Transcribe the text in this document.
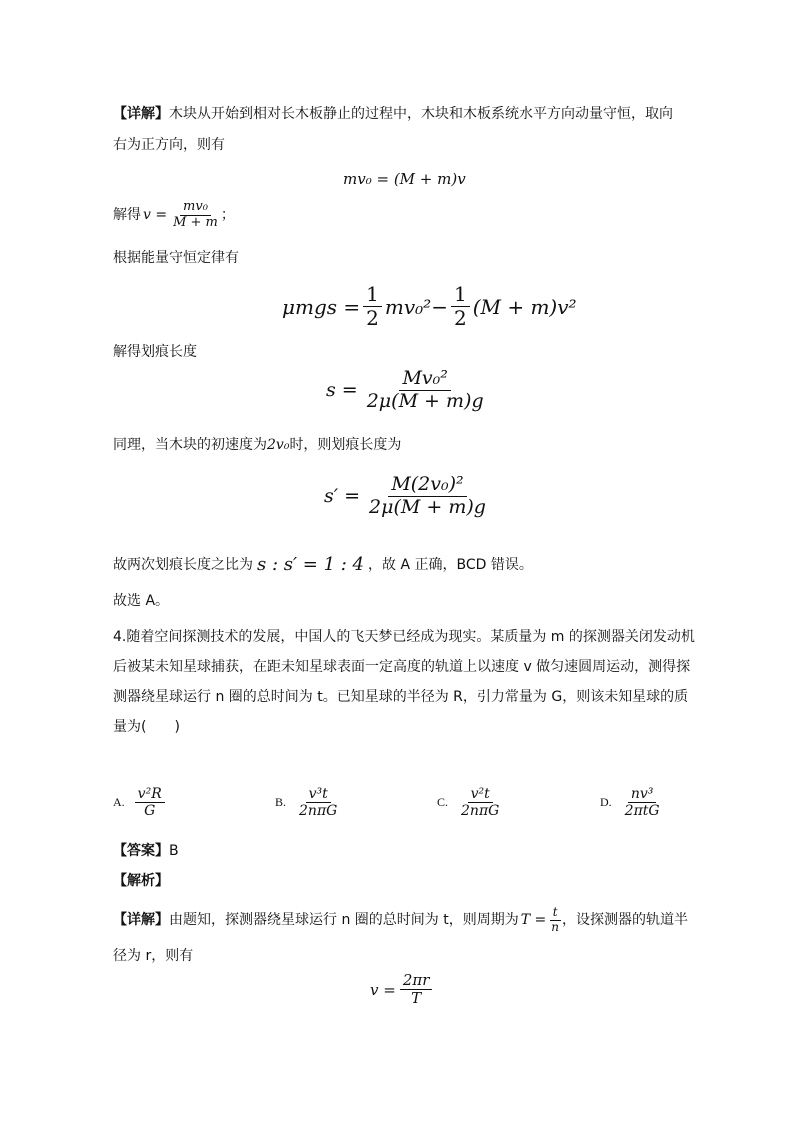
【详解】木块从开始到相对长木板静止的过程中，木块和木板系统水平方向动量守恒，取向
右为正方向，则有
mv₀ = (M + m)v
解得 $v = \frac{\text{mv₀}}{M + m}$ ；
根据能量守恒定律有
$\mu mgs = \frac{1}{2} mv_0^2- \frac{1}{2} (M + m)v^2$
解得划痕长度
$s = \frac{\text{Mv₀²}}{2\mu(M + m)g}$
同理，当木块的初速度为2v₀时，则划痕长度为
$s' = \frac{\text{M(2v₀)²}}{2\mu(M + m)g}$
故两次划痕长度之比为 s : s′ = 1 : 4 ，故 A 正确，BCD 错误。
故选 A。
4.随着空间探测技术的发展，中国人的飞天梦已经成为现实。某质量为 m 的探测器关闭发动机
后被某未知星球捕获，在距未知星球表面一定高度的轨道上以速度 v 做匀速圆周运动，测得探
测器绕星球运行 n 圈的总时间为 t。已知星球的半径为 R，引力常量为 G，则该未知星球的质
量为(　　)
A. $\frac{\text{v²R}}{G}$	B. $\frac{\text{v³t}}{\text{2nπG}}$	C. $\frac{\text{v²t}}{\text{2nπG}}$	D. $\frac{\text{nv³}}{\text{2πtG}}$
【答案】B
【解析】
【详解】 由题知，探测器绕星球运行 n 圈的总时间为 t，则周期为 $T = \frac{t}{n}$ ，设探测器的轨道半
径为 r，则有
$v = \frac{2\pi r}{T}$
